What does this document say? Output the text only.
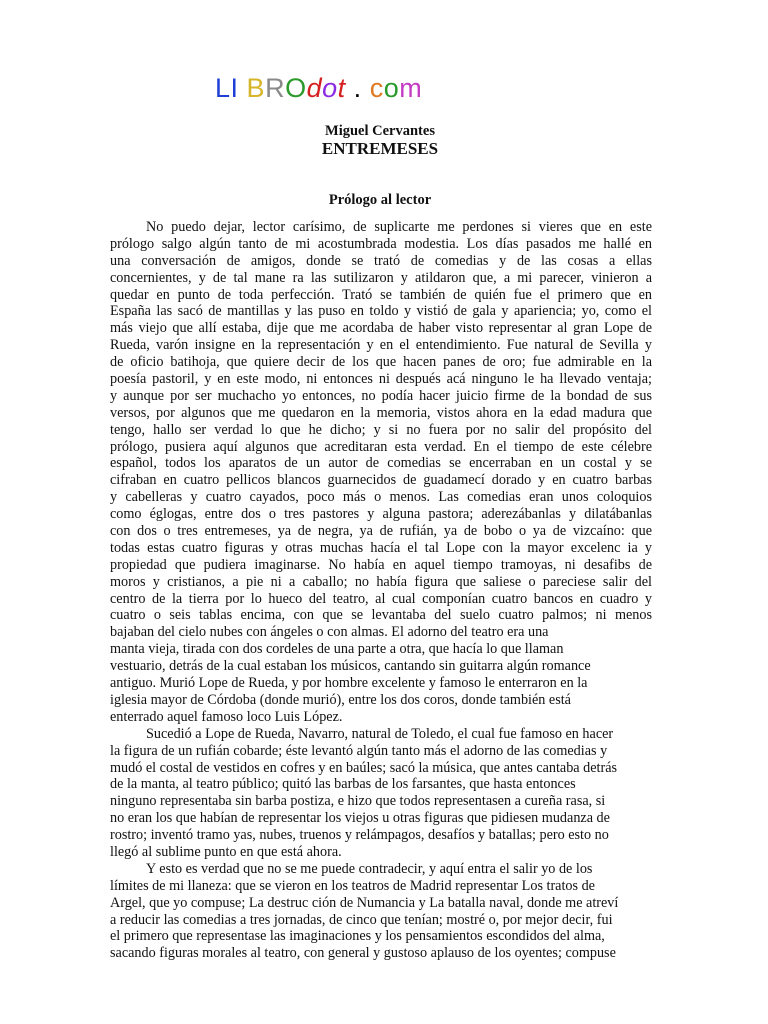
LI BROdot . com
Miguel Cervantes
ENTREMESES
Prólogo al lector
No puedo dejar, lector carísimo, de suplicarte me perdones si vieres que en este
prólogo salgo algún tanto de mi acostumbrada modestia. Los días pasados me hallé en
una conversación de amigos, donde se trató de comedias y de las cosas a ellas
concernientes, y de tal mane ra las sutilizaron y atildaron que, a mi parecer, vinieron a
quedar en punto de toda perfección. Trató se también de quién fue el primero que en
España las sacó de mantillas y las puso en toldo y vistió de gala y apariencia; yo, como el
más viejo que allí estaba, dije que me acordaba de haber visto representar al gran Lope de
Rueda, varón insigne en la representación y en el entendimiento. Fue natural de Sevilla y
de oficio batihoja, que quiere decir de los que hacen panes de oro; fue admirable en la
poesía pastoril, y en este modo, ni entonces ni después acá ninguno le ha llevado ventaja;
y aunque por ser muchacho yo entonces, no podía hacer juicio firme de la bondad de sus
versos, por algunos que me quedaron en la memoria, vistos ahora en la edad madura que
tengo, hallo ser verdad lo que he dicho; y si no fuera por no salir del propósito del
prólogo, pusiera aquí algunos que acreditaran esta verdad. En el tiempo de este célebre
español, todos los aparatos de un autor de comedias se encerraban en un costal y se
cifraban en cuatro pellicos blancos guarnecidos de guadamecí dorado y en cuatro barbas
y cabelleras y cuatro cayados, poco más o menos. Las comedias eran unos coloquios
como églogas, entre dos o tres pastores y alguna pastora; aderezábanlas y dilatábanlas
con dos o tres entremeses, ya de negra, ya de rufián, ya de bobo o ya de vizcaíno: que
todas estas cuatro figuras y otras muchas hacía el tal Lope con la mayor excelenc ia y
propiedad que pudiera imaginarse. No había en aquel tiempo tramoyas, ni desafibs de
moros y cristianos, a pie ni a caballo; no había figura que saliese o pareciese salir del
centro de la tierra por lo hueco del teatro, al cual componían cuatro bancos en cuadro y
cuatro o seis tablas encima, con que se levantaba del suelo cuatro palmos; ni menos
bajaban del cielo nubes con ángeles o con almas. El adorno del teatro era una
manta vieja, tirada con dos cordeles de una parte a otra, que hacía lo que llaman
vestuario, detrás de la cual estaban los músicos, cantando sin guitarra algún romance
antiguo. Murió Lope de Rueda, y por hombre excelente y famoso le enterraron en la
iglesia mayor de Córdoba (donde murió), entre los dos coros, donde también está
enterrado aquel famoso loco Luis López.
Sucedió a Lope de Rueda, Navarro, natural de Toledo, el cual fue famoso en hacer
la figura de un rufián cobarde; éste levantó algún tanto más el adorno de las comedias y
mudó el costal de vestidos en cofres y en baúles; sacó la música, que antes cantaba detrás
de la manta, al teatro público; quitó las barbas de los farsantes, que hasta entonces
ninguno representaba sin barba postiza, e hizo que todos representasen a cureña rasa, si
no eran los que habían de representar los viejos u otras figuras que pidiesen mudanza de
rostro; inventó tramo yas, nubes, truenos y relámpagos, desafíos y batallas; pero esto no
llegó al sublime punto en que está ahora.
Y esto es verdad que no se me puede contradecir, y aquí entra el salir yo de los
límites de mi llaneza: que se vieron en los teatros de Madrid representar Los tratos de
Argel, que yo compuse; La destruc ción de Numancia y La batalla naval, donde me atreví
a reducir las comedias a tres jornadas, de cinco que tenían; mostré o, por mejor decir, fui
el primero que representase las imaginaciones y los pensamientos escondidos del alma,
sacando figuras morales al teatro, con general y gustoso aplauso de los oyentes; compuse
